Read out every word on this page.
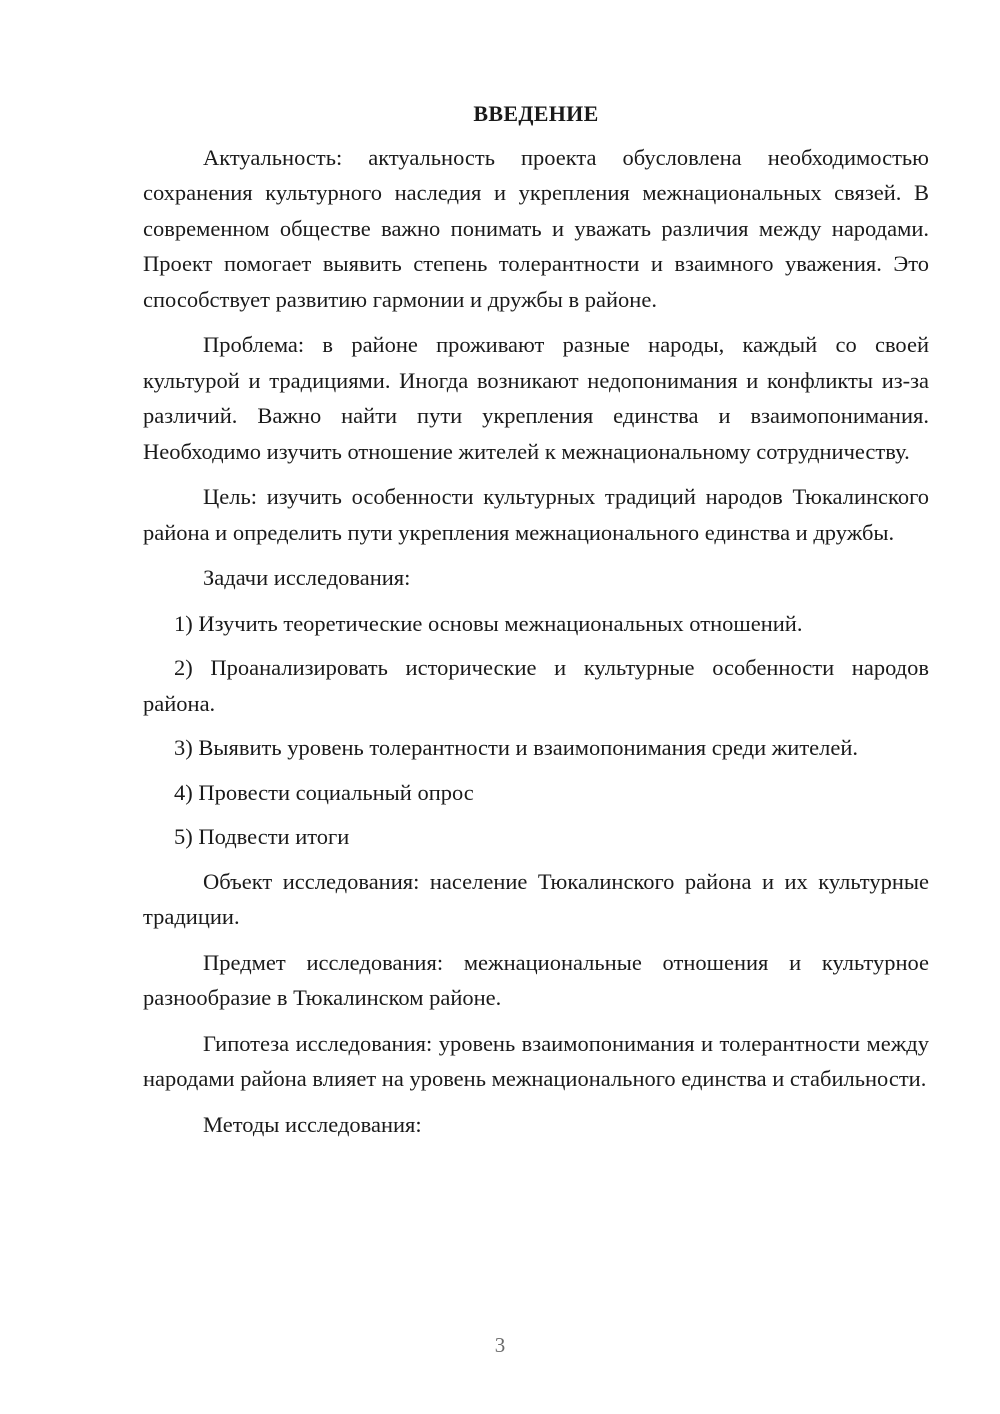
ВВЕДЕНИЕ

Актуальность: актуальность проекта обусловлена необходимостью сохранения культурного наследия и укрепления межнациональных связей. В современном обществе важно понимать и уважать различия между народами. Проект помогает выявить степень толерантности и взаимного уважения. Это способствует развитию гармонии и дружбы в районе.

Проблема: в районе проживают разные народы, каждый со своей культурой и традициями. Иногда возникают недопонимания и конфликты из-за различий. Важно найти пути укрепления единства и взаимопонимания. Необходимо изучить отношение жителей к межнациональному сотрудничеству.

Цель: изучить особенности культурных традиций народов Тюкалинского района и определить пути укрепления межнационального единства и дружбы.

Задачи исследования:

1) Изучить теоретические основы межнациональных отношений.

2) Проанализировать исторические и культурные особенности народов района.

3) Выявить уровень толерантности и взаимопонимания среди жителей.

4) Провести социальный опрос

5) Подвести итоги

Объект исследования: население Тюкалинского района и их культурные традиции.

Предмет исследования: межнациональные отношения и культурное разнообразие в Тюкалинском районе.

Гипотеза исследования: уровень взаимопонимания и толерантности между народами района влияет на уровень межнационального единства и стабильности.

Методы исследования:

3
